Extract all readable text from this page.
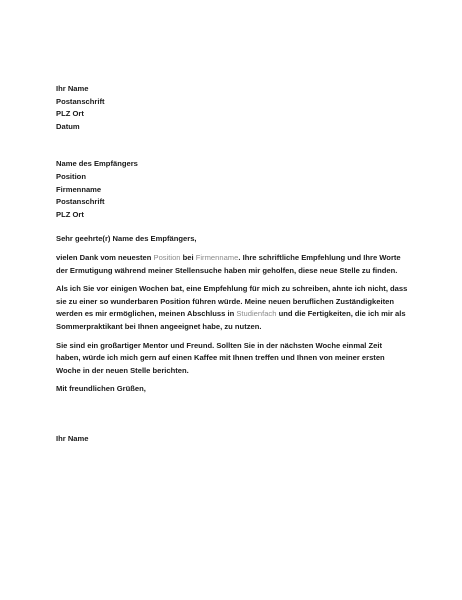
Ihr Name
Postanschrift
PLZ Ort
Datum
Name des Empfängers
Position
Firmenname
Postanschrift
PLZ Ort
Sehr geehrte(r) Name des Empfängers,

vielen Dank vom neuesten Position bei Firmenname. Ihre schriftliche Empfehlung und Ihre Worte der Ermutigung während meiner Stellensuche haben mir geholfen, diese neue Stelle zu finden.

Als ich Sie vor einigen Wochen bat, eine Empfehlung für mich zu schreiben, ahnte ich nicht, dass sie zu einer so wunderbaren Position führen würde. Meine neuen beruflichen Zuständigkeiten werden es mir ermöglichen, meinen Abschluss in Studienfach und die Fertigkeiten, die ich mir als Sommerpraktikant bei Ihnen angeeignet habe, zu nutzen.

Sie sind ein großartiger Mentor und Freund. Sollten Sie in der nächsten Woche einmal Zeit haben, würde ich mich gern auf einen Kaffee mit Ihnen treffen und Ihnen von meiner ersten Woche in der neuen Stelle berichten.

Mit freundlichen Grüßen,
Ihr Name
